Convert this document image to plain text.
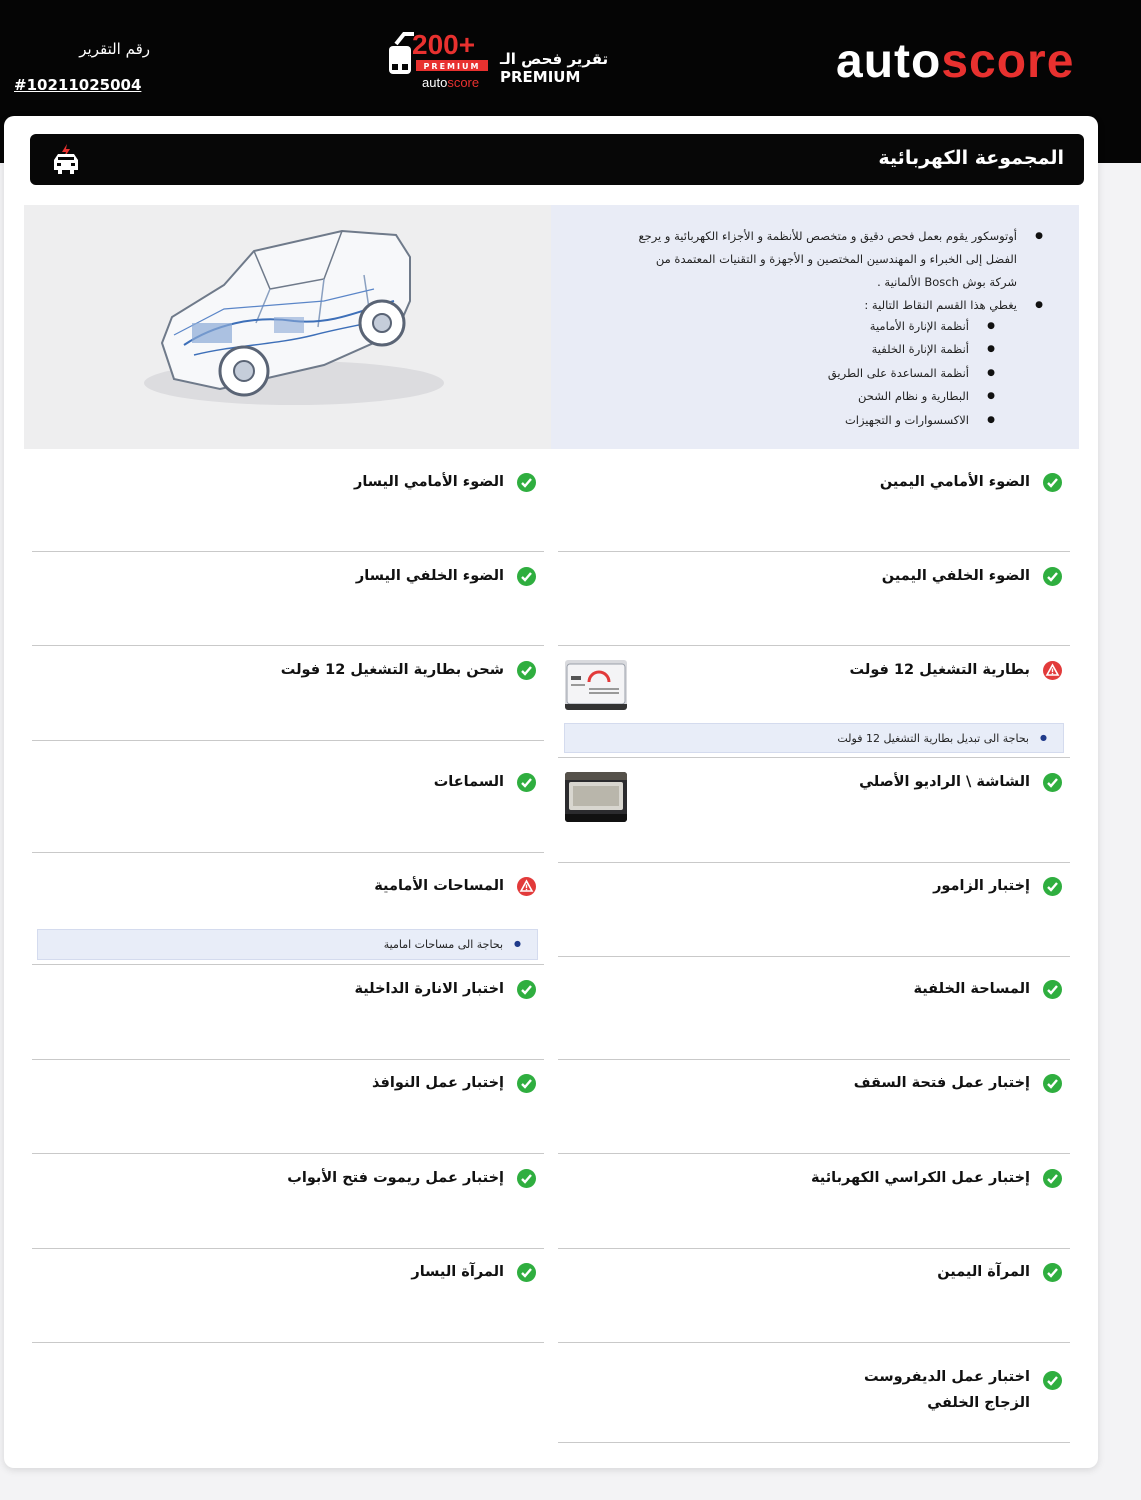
autoscore
200+
PREMIUM
autoscore
تقرير فحص الـ PREMIUM
رقم التقرير
#10211025004
المجموعة الكهربائية
● أوتوسكور يقوم بعمل فحص دقيق و متخصص للأنظمة و الأجزاء الكهربائية و يرجع
الفضل إلى الخبراء و المهندسين المختصين و الأجهزة و التقنيات المعتمدة من
شركة بوش Bosch الألمانية .
● يغطي هذا القسم النقاط التالية :
● أنظمة الإنارة الأمامية
● أنظمة الإنارة الخلفية
● أنظمة المساعدة على الطريق
● البطارية و نظام الشحن
● الاكسسوارات و التجهيزات
الضوء الأمامي اليمين
الضوء الأمامي اليسار
الضوء الخلفي اليمين
الضوء الخلفي اليسار
بطارية التشغيل 12 فولت
شحن بطارية التشغيل 12 فولت
●
بحاجة الى تبديل بطارية التشغيل 12 فولت
الشاشة \ الراديو الأصلي
السماعات
إختبار الزامور
المساحات الأمامية
●
بحاجة الى مساحات امامية
المساحة الخلفية
اختبار الانارة الداخلية
إختبار عمل فتحة السقف
إختبار عمل النوافذ
إختبار عمل الكراسي الكهربائية
إختبار عمل ريموت فتح الأبواب
المرآة اليمين
المرآة اليسار
اختبار عمل الديفروست الزجاج الخلفي
